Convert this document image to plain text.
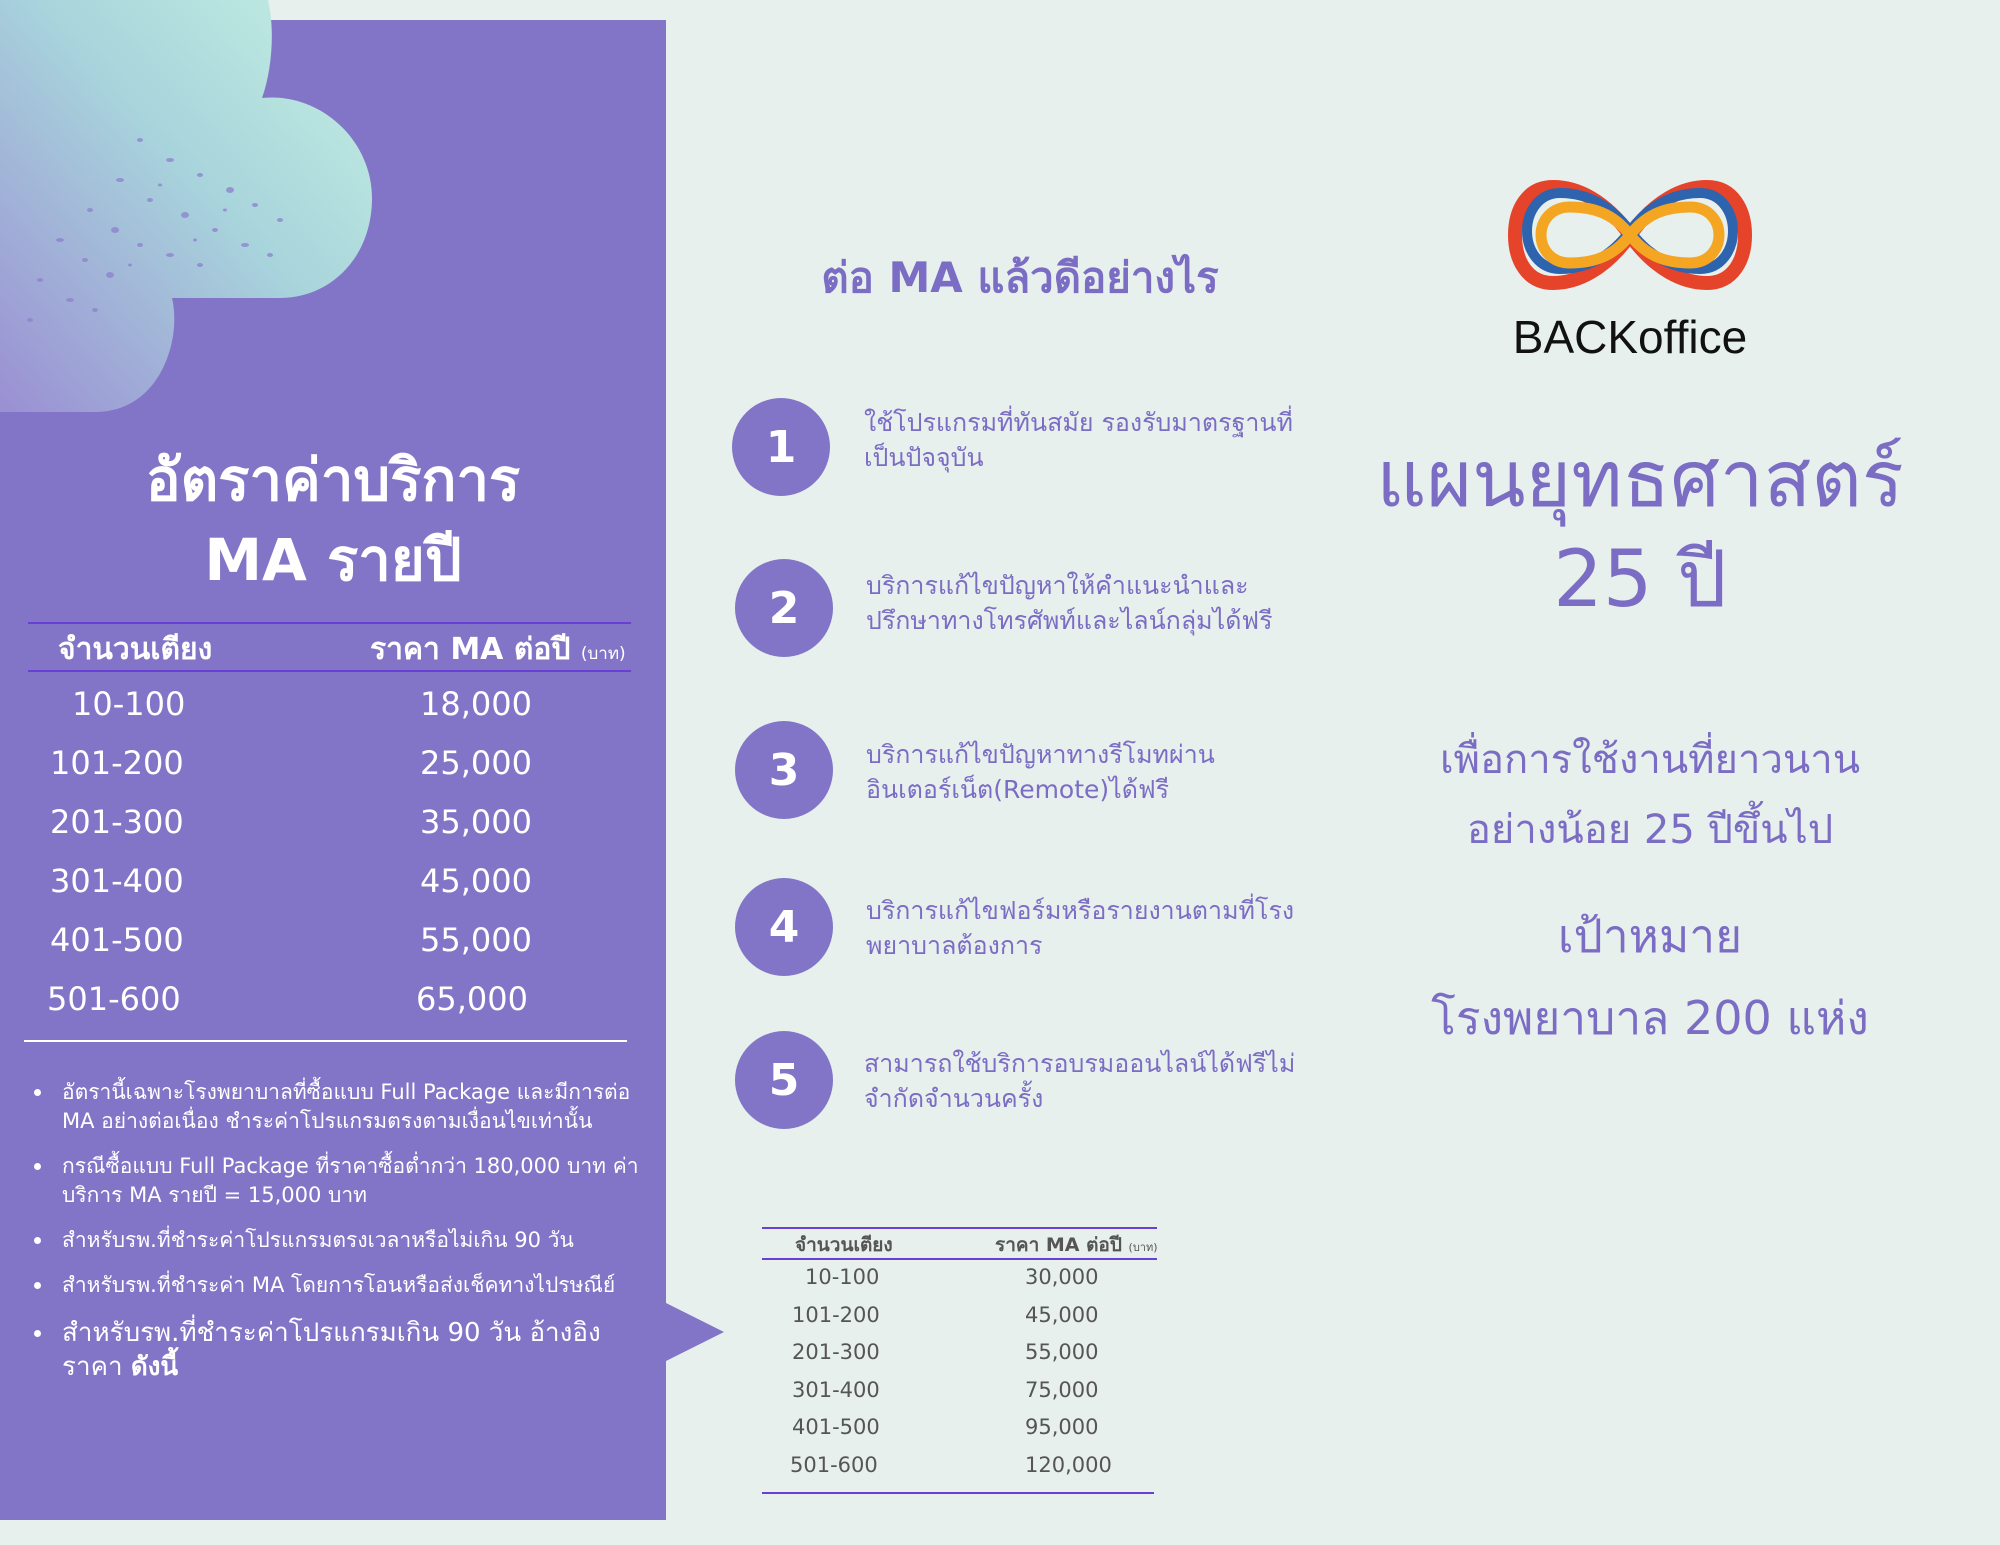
อัตราค่าบริการ
MA รายปี
จำนวนเตียง	ราคา MA ต่อปี (บาท)
10-100	18,000
101-200	25,000
201-300	35,000
301-400	45,000
401-500	55,000
501-600	65,000
อัตรานี้เฉพาะโรงพยาบาลที่ซื้อแบบ Full Package และมีการต่อ MA อย่างต่อเนื่อง ชำระค่าโปรแกรมตรงตามเงื่อนไขเท่านั้น
กรณีซื้อแบบ Full Package ที่ราคาซื้อต่ำกว่า 180,000 บาท ค่าบริการ MA รายปี = 15,000 บาท
สำหรับรพ.ที่ชำระค่าโปรแกรมตรงเวลาหรือไม่เกิน 90 วัน
สำหรับรพ.ที่ชำระค่า MA โดยการโอนหรือส่งเช็คทางไปรษณีย์
สำหรับรพ.ที่ชำระค่าโปรแกรมเกิน 90 วัน อ้างอิงราคา ดังนี้
ต่อ MA แล้วดีอย่างไร
1	ใช้โปรแกรมที่ทันสมัย รองรับมาตรฐานที่เป็นปัจจุบัน
2	บริการแก้ไขปัญหาให้คำแนะนำและปรึกษาทางโทรศัพท์และไลน์กลุ่มได้ฟรี
3	บริการแก้ไขปัญหาทางรีโมทผ่านอินเตอร์เน็ต(Remote)ได้ฟรี
4	บริการแก้ไขฟอร์มหรือรายงานตามที่โรงพยาบาลต้องการ
5	สามารถใช้บริการอบรมออนไลน์ได้ฟรีไม่จำกัดจำนวนครั้ง
จำนวนเตียง	ราคา MA ต่อปี (บาท)
10-100	30,000
101-200	45,000
201-300	55,000
301-400	75,000
401-500	95,000
501-600	120,000
BACKoffice
แผนยุทธศาสตร์
25 ปี
เพื่อการใช้งานที่ยาวนาน
อย่างน้อย 25 ปีขึ้นไป
เป้าหมาย
โรงพยาบาล 200 แห่ง
